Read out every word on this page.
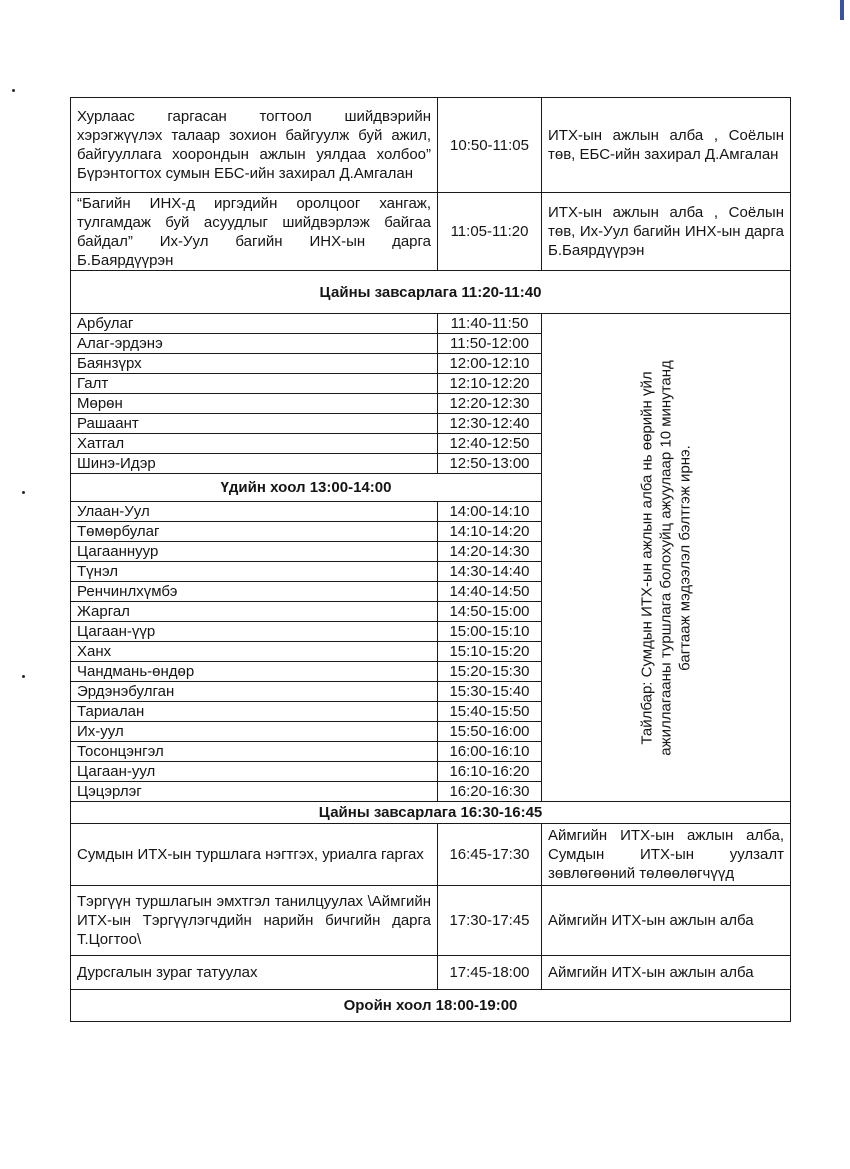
Хурлаас гаргасан тогтоол шийдвэрийн хэрэгжүүлэх талаар зохион байгуулж буй ажил, байгууллага хоорондын ажлын уялдаа холбоо” Бүрэнтогтох сумын ЕБС-ийн захирал Д.Амгалан	10:50-11:05	ИТХ-ын ажлын алба , Соёлын төв, ЕБС-ийн захирал Д.Амгалан
“Багийн ИНХ-д иргэдийн оролцоог хангаж, тулгамдаж буй асуудлыг шийдвэрлэж байгаа байдал” Их-Уул багийн ИНХ-ын дарга Б.Баярдүүрэн	11:05-11:20	ИТХ-ын ажлын алба , Соёлын төв, Их-Уул багийн ИНХ-ын дарга Б.Баярдүүрэн
Цайны завсарлага 11:20-11:40		
Арбулаг	11:40-11:50	Тайлбар: Сумдын ИТХ-ын ажлын алба нь өөрийн үйл ажиллагааны туршлага болохуйц ажуулаар 10 минутанд багтааж мэдээлэл бэлтгэж ирнэ.

Алаг-эрдэнэ	11:50-12:00	
Баянзүрх	12:00-12:10	
Галт	12:10-12:20	
Мөрөн	12:20-12:30	
Рашаант	12:30-12:40	
Хатгал	12:40-12:50	
Шинэ-Идэр	12:50-13:00	
Үдийн хоол 13:00-14:00		
Улаан-Уул	14:00-14:10	
Төмөрбулаг	14:10-14:20	
Цагааннуур	14:20-14:30	
Түнэл	14:30-14:40	
Ренчинлхүмбэ	14:40-14:50	
Жаргал	14:50-15:00	
Цагаан-үүр	15:00-15:10	
Ханх	15:10-15:20	
Чандмань-өндөр	15:20-15:30	
Эрдэнэбулган	15:30-15:40	
Тариалан	15:40-15:50	
Их-уул	15:50-16:00	
Тосонцэнгэл	16:00-16:10	
Цагаан-уул	16:10-16:20	
Цэцэрлэг	16:20-16:30	
Цайны завсарлага 16:30-16:45		
Сумдын ИТХ-ын туршлага нэгтгэх, уриалга гаргах	16:45-17:30	Аймгийн ИТХ-ын ажлын алба, Сумдын ИТХ-ын уулзалт зөвлөгөөний төлөөлөгчүүд
Тэргүүн туршлагын эмхтгэл танилцуулах \Аймгийн ИТХ-ын Тэргүүлэгчдийн нарийн бичгийн дарга Т.Цогтоо\	17:30-17:45	Аймгийн ИТХ-ын ажлын алба
Дурсгалын зураг татуулах	17:45-18:00	Аймгийн ИТХ-ын ажлын алба
Оройн хоол 18:00-19:00		
